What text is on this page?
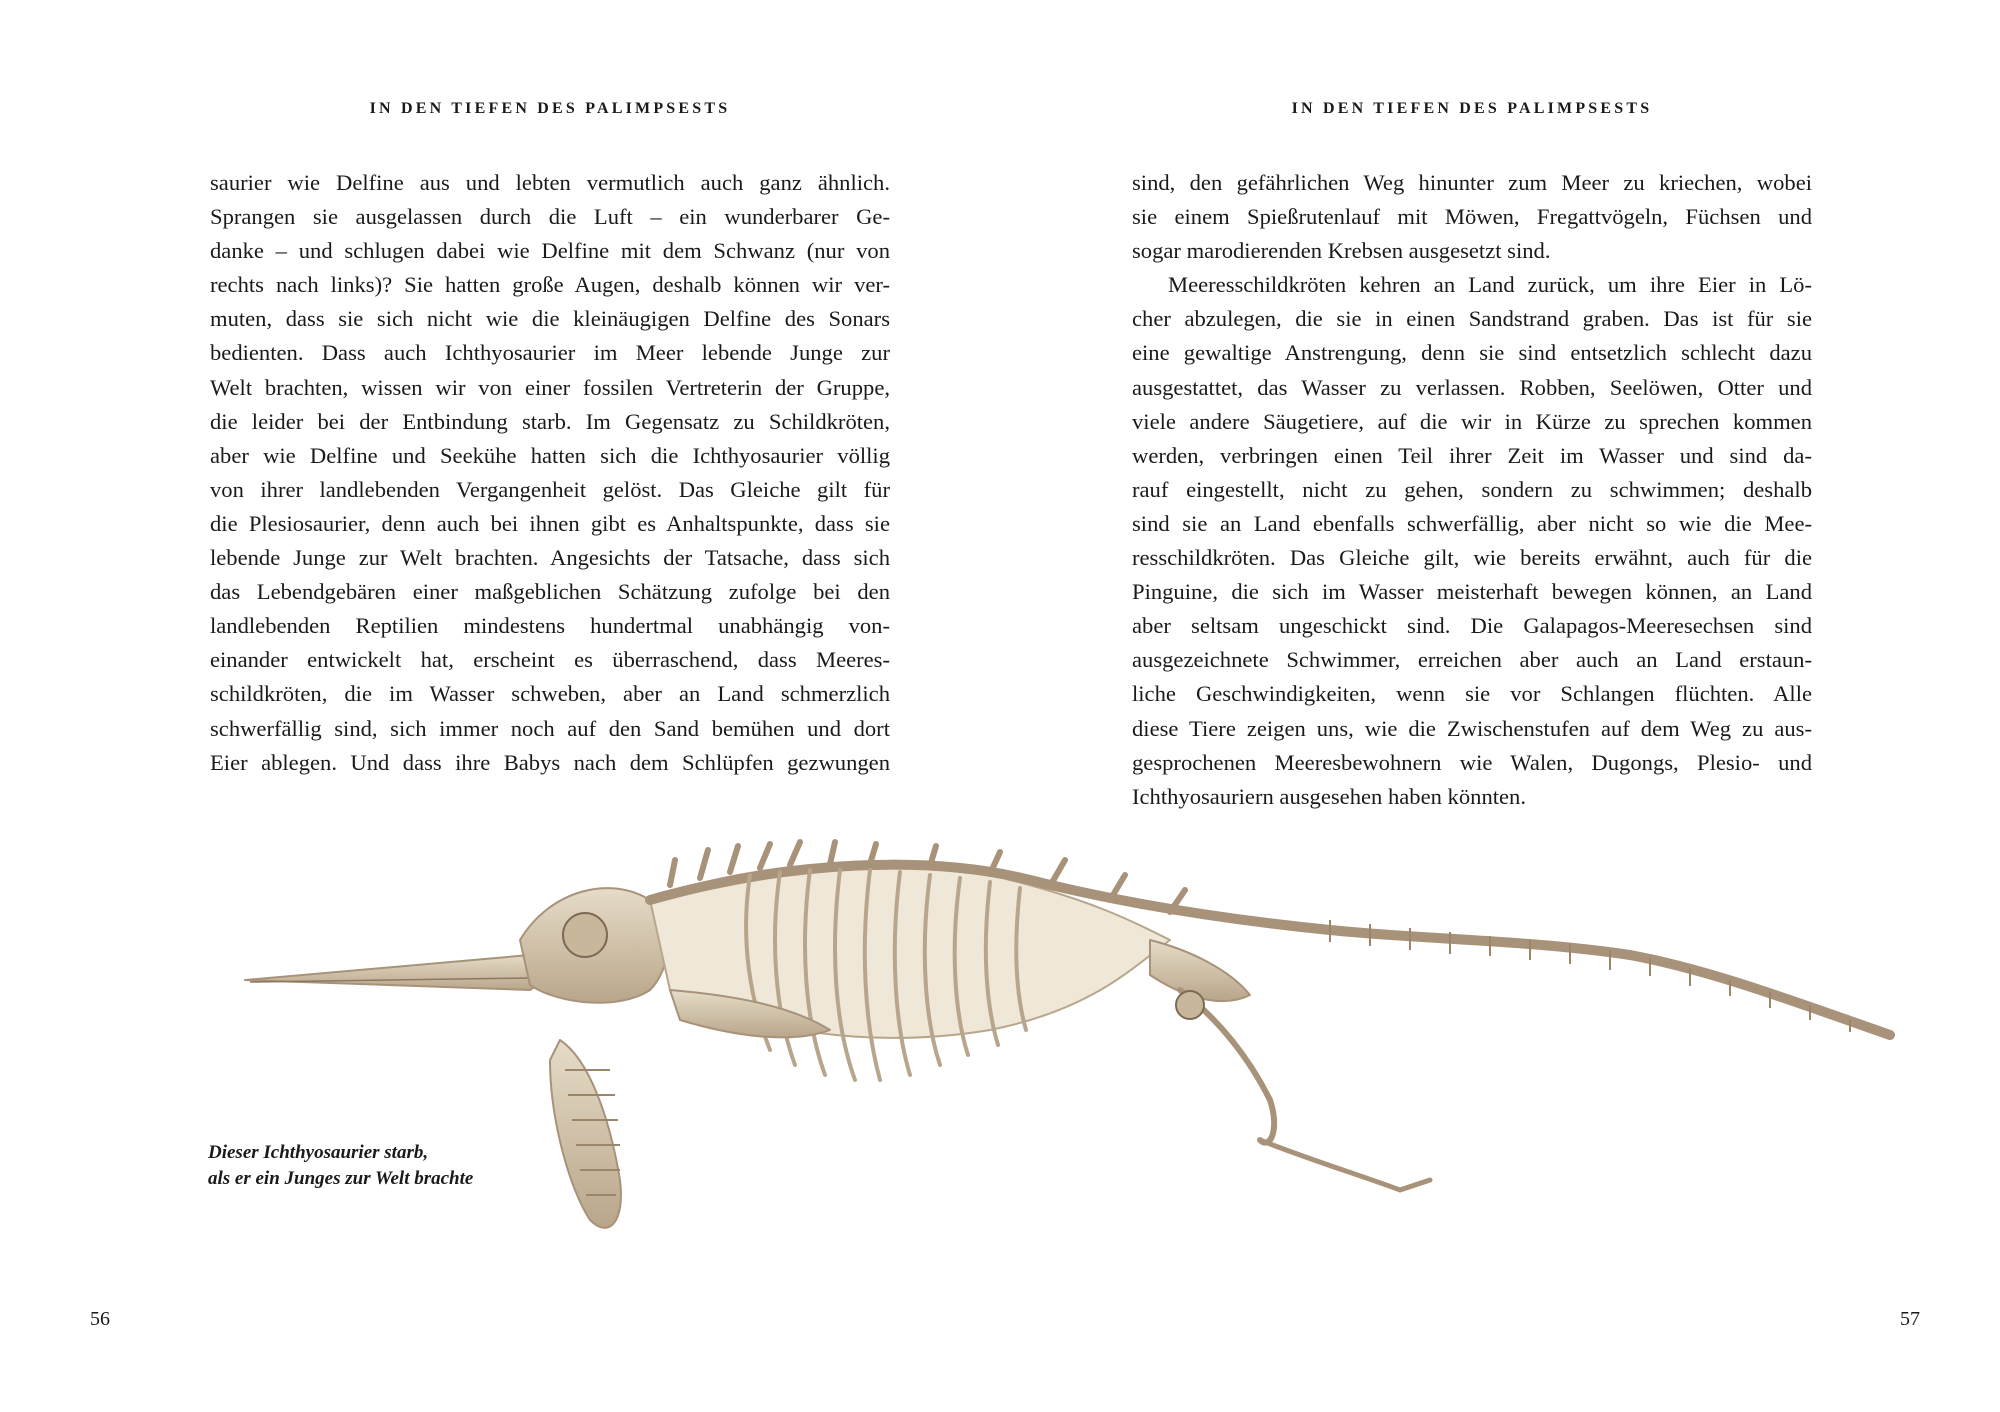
IN DEN TIEFEN DES PALIMPSESTS	IN DEN TIEFEN DES PALIMPSESTS
saurier wie Delfine aus und lebten vermutlich auch ganz ähnlich.
Sprangen sie ausgelassen durch die Luft – ein wunderbarer Ge-
danke – und schlugen dabei wie Delfine mit dem Schwanz (nur von
rechts nach links)? Sie hatten große Augen, deshalb können wir ver-
muten, dass sie sich nicht wie die kleinäugigen Delfine des Sonars
bedienten. Dass auch Ichthyosaurier im Meer lebende Junge zur
Welt brachten, wissen wir von einer fossilen Vertreterin der Gruppe,
die leider bei der Entbindung starb. Im Gegensatz zu Schildkröten,
aber wie Delfine und Seekühe hatten sich die Ichthyosaurier völlig
von ihrer landlebenden Vergangenheit gelöst. Das Gleiche gilt für
die Plesiosaurier, denn auch bei ihnen gibt es Anhaltspunkte, dass sie
lebende Junge zur Welt brachten. Angesichts der Tatsache, dass sich
das Lebendgebären einer maßgeblichen Schätzung zufolge bei den
landlebenden Reptilien mindestens hundertmal unabhängig von-
einander entwickelt hat, erscheint es überraschend, dass Meeres-
schildkröten, die im Wasser schweben, aber an Land schmerzlich
schwerfällig sind, sich immer noch auf den Sand bemühen und dort
Eier ablegen. Und dass ihre Babys nach dem Schlüpfen gezwungen
sind, den gefährlichen Weg hinunter zum Meer zu kriechen, wobei
sie einem Spießrutenlauf mit Möwen, Fregattvögeln, Füchsen und
sogar marodierenden Krebsen ausgesetzt sind.
Meeresschildkröten kehren an Land zurück, um ihre Eier in Lö-
cher abzulegen, die sie in einen Sandstrand graben. Das ist für sie
eine gewaltige Anstrengung, denn sie sind entsetzlich schlecht dazu
ausgestattet, das Wasser zu verlassen. Robben, Seelöwen, Otter und
viele andere Säugetiere, auf die wir in Kürze zu sprechen kommen
werden, verbringen einen Teil ihrer Zeit im Wasser und sind da-
rauf eingestellt, nicht zu gehen, sondern zu schwimmen; deshalb
sind sie an Land ebenfalls schwerfällig, aber nicht so wie die Mee-
resschildkröten. Das Gleiche gilt, wie bereits erwähnt, auch für die
Pinguine, die sich im Wasser meisterhaft bewegen können, an Land
aber seltsam ungeschickt sind. Die Galapagos-Meeresechsen sind
ausgezeichnete Schwimmer, erreichen aber auch an Land erstaun-
liche Geschwindigkeiten, wenn sie vor Schlangen flüchten. Alle
diese Tiere zeigen uns, wie die Zwischenstufen auf dem Weg zu aus-
gesprochenen Meeresbewohnern wie Walen, Dugongs, Plesio- und
Ichthyosauriern ausgesehen haben könnten.
Dieser Ichthyosaurier starb,
als er ein Junges zur Welt brachte
56	57
